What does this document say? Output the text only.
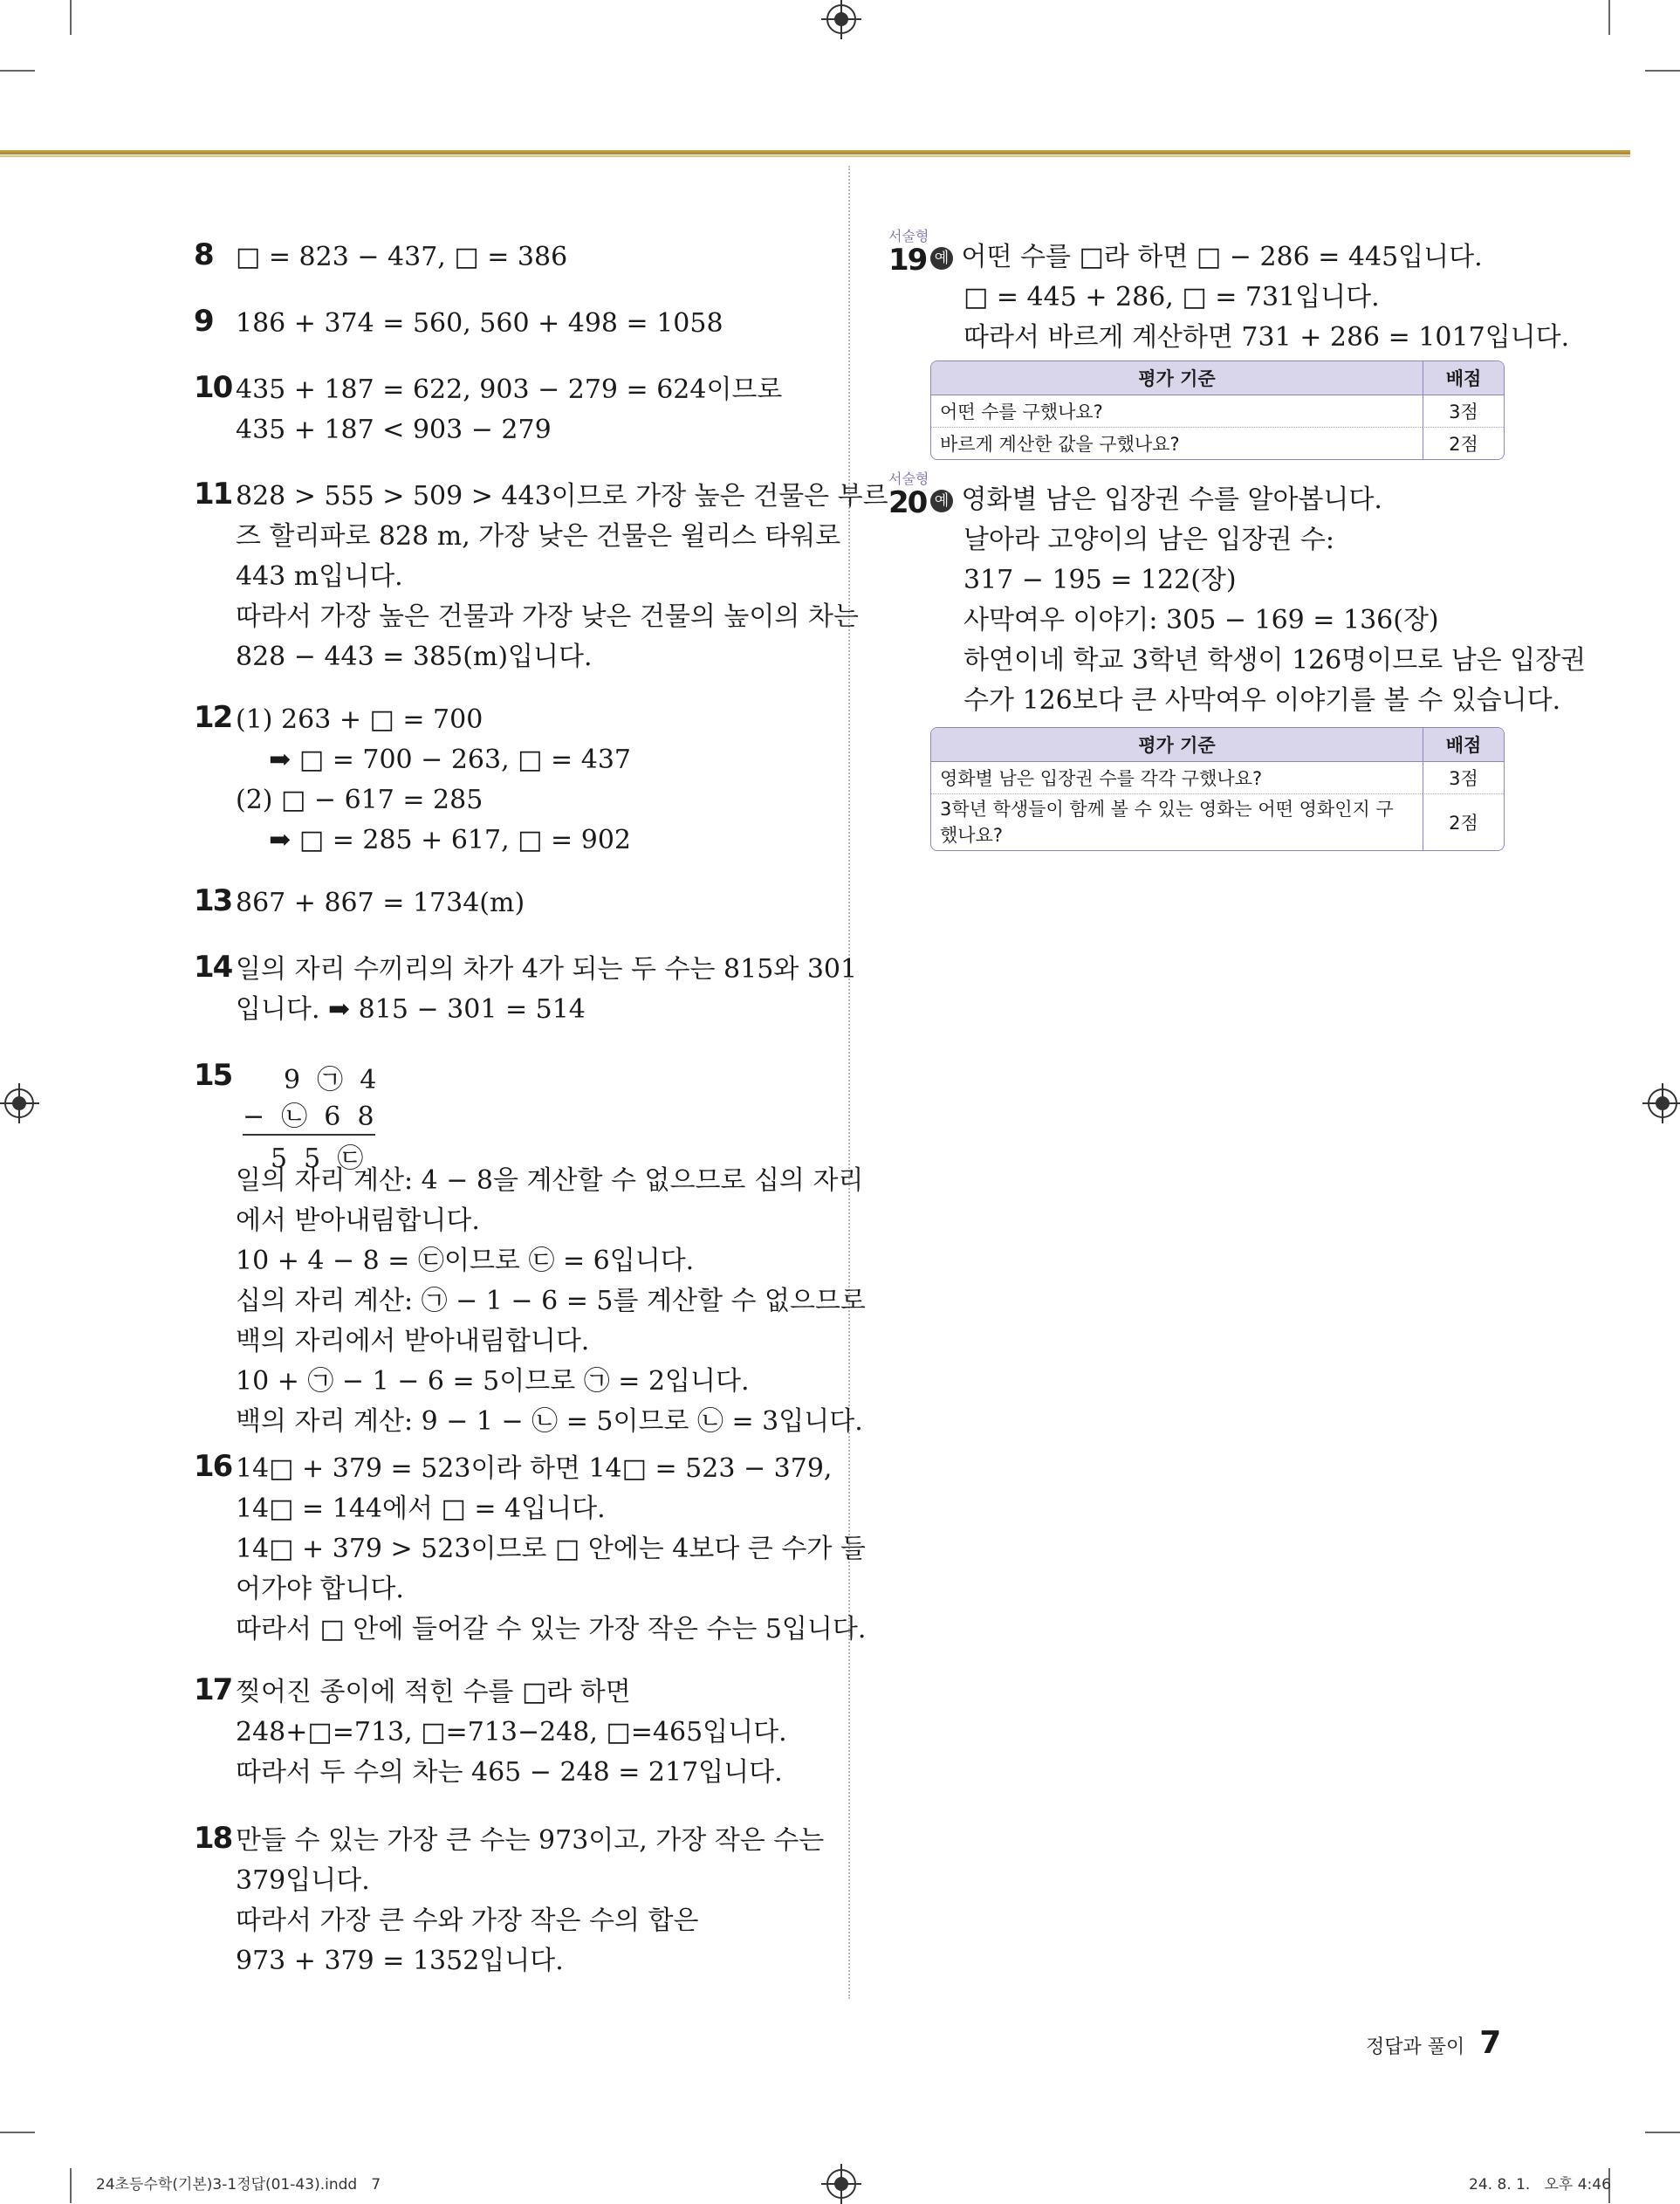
8 □ = 823 − 437, □ = 386
9 186 + 374 = 560, 560 + 498 = 1058
10 435 + 187 = 622, 903 − 279 = 624이므로
435 + 187 < 903 − 279
11 828 > 555 > 509 > 443이므로 가장 높은 건물은 부르
즈 할리파로 828 m, 가장 낮은 건물은 윌리스 타워로
443 m입니다.
따라서 가장 높은 건물과 가장 낮은 건물의 높이의 차는
828 − 443 = 385(m)입니다.
12 (1) 263 + □ = 700
➡ □ = 700 − 263, □ = 437
(2) □ − 617 = 285
➡ □ = 285 + 617, □ = 902
13 867 + 867 = 1734(m)
14 일의 자리 수끼리의 차가 4가 되는 두 수는 815와 301
입니다. ➡ 815 − 301 = 514
15 9  ㉠  4
−  ㉡  6  8
5  5  ㉢
일의 자리 계산: 4 − 8을 계산할 수 없으므로 십의 자리
에서 받아내림합니다.
10 + 4 − 8 = ㉢이므로 ㉢ = 6입니다.
십의 자리 계산: ㉠ − 1 − 6 = 5를 계산할 수 없으므로
백의 자리에서 받아내림합니다.
10 + ㉠ − 1 − 6 = 5이므로 ㉠ = 2입니다.
백의 자리 계산: 9 − 1 − ㉡ = 5이므로 ㉡ = 3입니다.
16 14□ + 379 = 523이라 하면 14□ = 523 − 379,
14□ = 144에서 □ = 4입니다.
14□ + 379 > 523이므로 □ 안에는 4보다 큰 수가 들
어가야 합니다.
따라서 □ 안에 들어갈 수 있는 가장 작은 수는 5입니다.
17 찢어진 종이에 적힌 수를 □라 하면
248+□=713, □=713−248, □=465입니다.
따라서 두 수의 차는 465 − 248 = 217입니다.
18 만들 수 있는 가장 큰 수는 973이고, 가장 작은 수는
379입니다.
따라서 가장 큰 수와 가장 작은 수의 합은
973 + 379 = 1352입니다.
서술형
19 예 어떤 수를 □라 하면 □ − 286 = 445입니다.
□ = 445 + 286, □ = 731입니다.
따라서 바르게 계산하면 731 + 286 = 1017입니다.
평가 기준	배점
어떤 수를 구했나요?	3점
바르게 계산한 값을 구했나요?	2점
서술형
20 예 영화별 남은 입장권 수를 알아봅니다.
날아라 고양이의 남은 입장권 수:
317 − 195 = 122(장)
사막여우 이야기: 305 − 169 = 136(장)
하연이네 학교 3학년 학생이 126명이므로 남은 입장권
수가 126보다 큰 사막여우 이야기를 볼 수 있습니다.
평가 기준	배점
영화별 남은 입장권 수를 각각 구했나요?	3점
3학년 학생들이 함께 볼 수 있는 영화는 어떤 영화인지 구했나요?	2점
정답과 풀이 7
24초등수학(기본)3-1정답(01-43).indd   7	24. 8. 1.   오후 4:46
